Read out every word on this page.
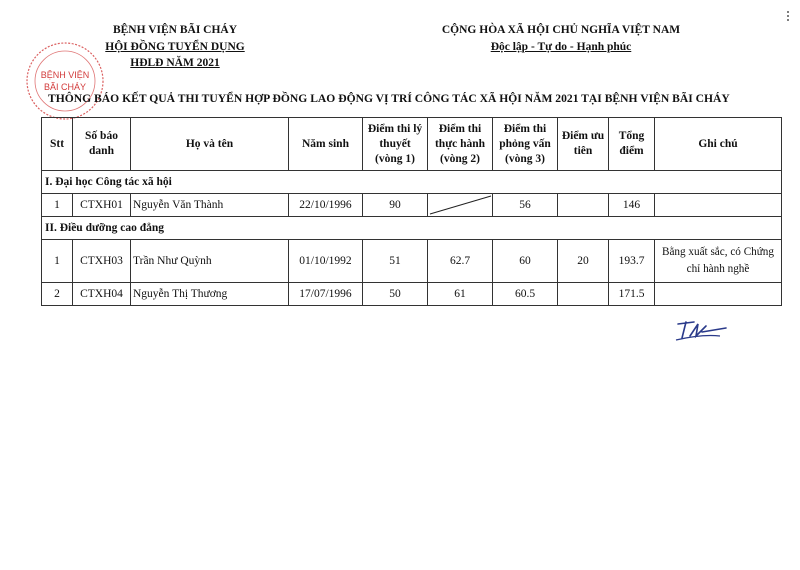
BỆNH VIỆN BÃI CHÁY
HỘI ĐỒNG TUYỂN DỤNG
HĐLĐ NĂM 2021
CỘNG HÒA XÃ HỘI CHỦ NGHĨA VIỆT NAM
Độc lập - Tự do - Hạnh phúc
BỆNH VIỆN
BÃI CHÁY
THÔNG BÁO KẾT QUẢ THI TUYỂN HỢP ĐỒNG LAO ĐỘNG VỊ TRÍ CÔNG TÁC XÃ HỘI NĂM 2021 TẠI BỆNH VIỆN BÃI CHÁY
Stt	Số báo danh	Họ và tên	Năm sinh	Điểm thi lý thuyết (vòng 1)	Điểm thi thực hành (vòng 2)	Điểm thi phỏng vấn (vòng 3)	Điểm ưu tiên	Tổng điểm	Ghi chú
I. Đại học Công tác xã hội									
1	CTXH01	Nguyễn Văn Thành	22/10/1996	90		56		146	
II. Điều dưỡng cao đẳng									
1	CTXH03	Trần Như Quỳnh	01/10/1992	51	62.7	60	20	193.7	Bằng xuất sắc, có Chứng chỉ hành nghề
2	CTXH04	Nguyễn Thị Thương	17/07/1996	50	61	60.5		171.5	
